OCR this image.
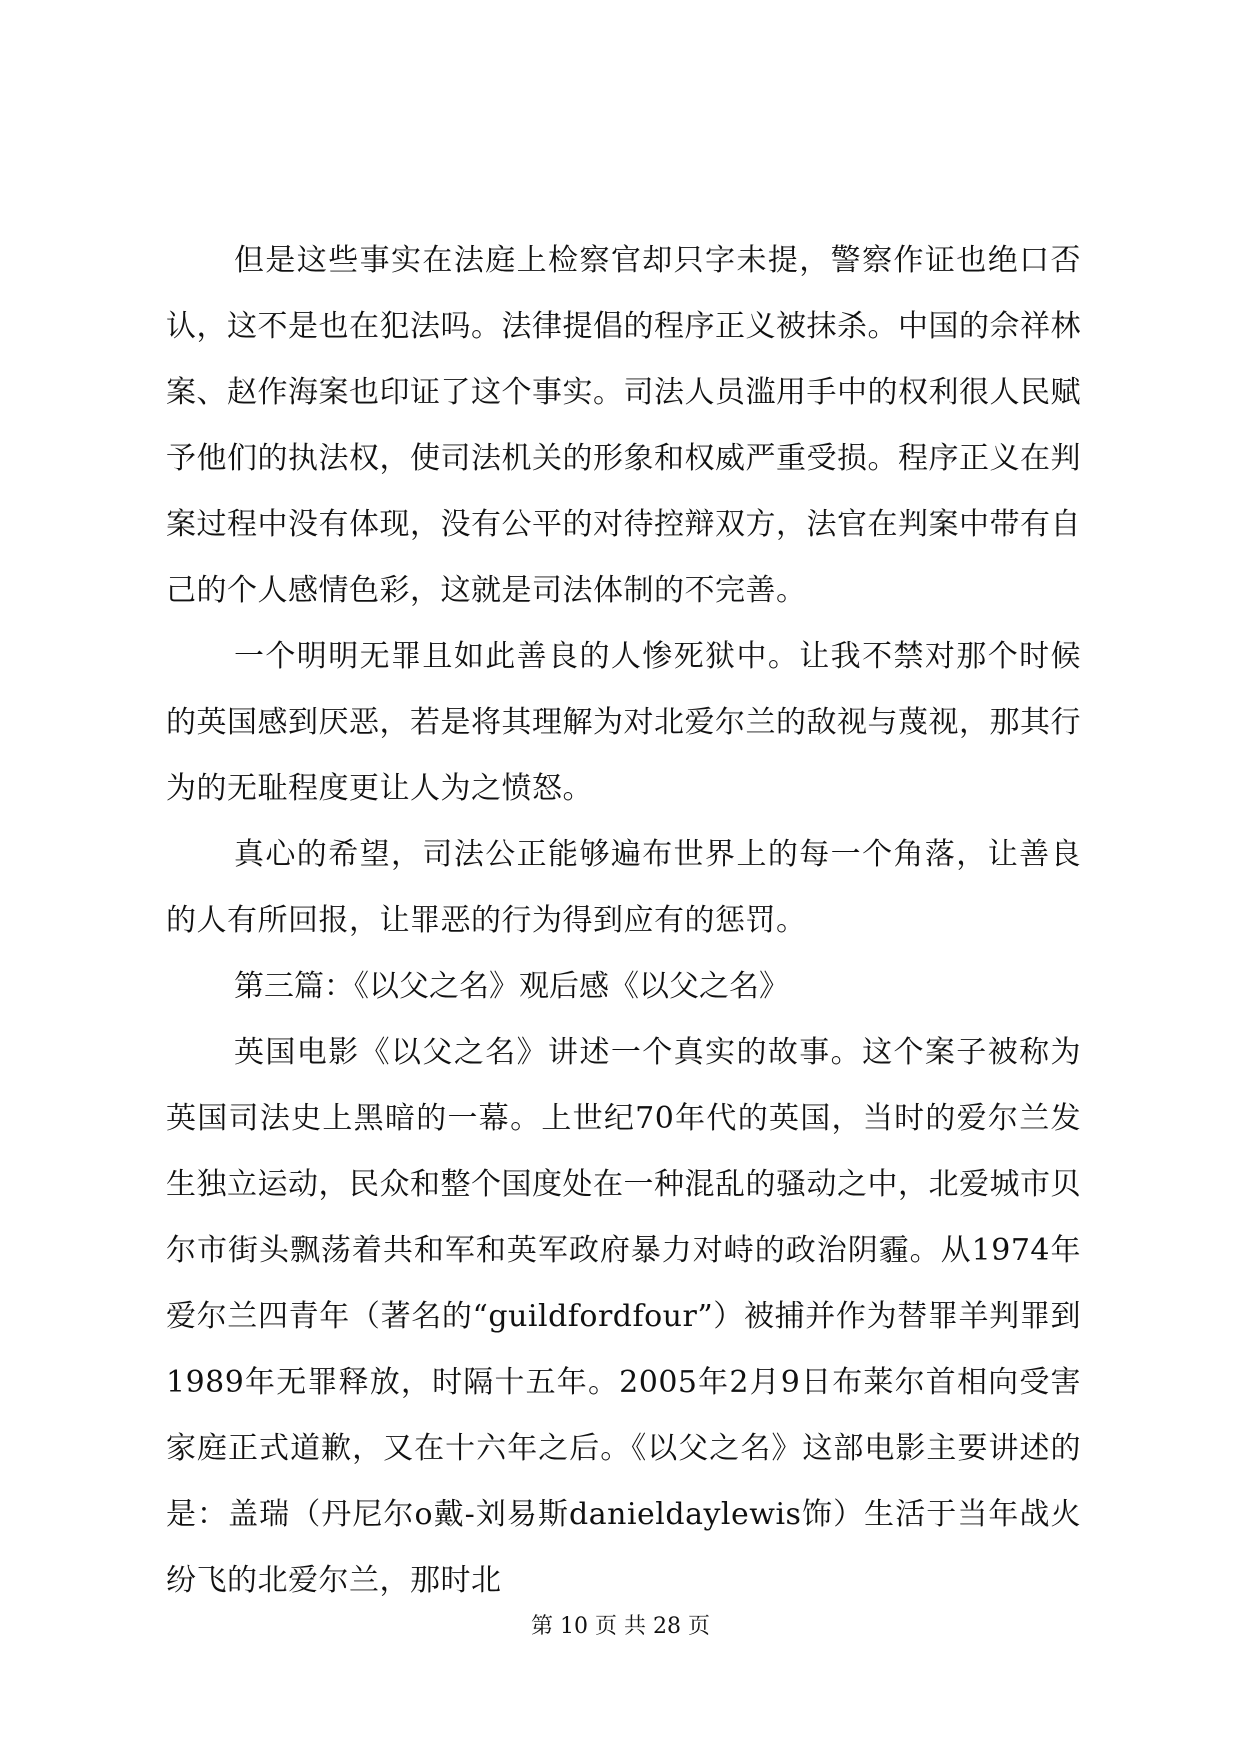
但是这些事实在法庭上检察官却只字未提，警察作证也绝口否认，这不是也在犯法吗。法律提倡的程序正义被抹杀。中国的佘祥林案、赵作海案也印证了这个事实。司法人员滥用手中的权利很人民赋予他们的执法权，使司法机关的形象和权威严重受损。程序正义在判案过程中没有体现，没有公平的对待控辩双方，法官在判案中带有自己的个人感情色彩，这就是司法体制的不完善。

一个明明无罪且如此善良的人惨死狱中。让我不禁对那个时候的英国感到厌恶，若是将其理解为对北爱尔兰的敌视与蔑视，那其行为的无耻程度更让人为之愤怒。

真心的希望，司法公正能够遍布世界上的每一个角落，让善良的人有所回报，让罪恶的行为得到应有的惩罚。

第三篇：《以父之名》观后感《以父之名》

英国电影《以父之名》讲述一个真实的故事。这个案子被称为英国司法史上黑暗的一幕。上世纪70年代的英国，当时的爱尔兰发生独立运动，民众和整个国度处在一种混乱的骚动之中，北爱城市贝尔市街头飘荡着共和军和英军政府暴力对峙的政治阴霾。从1974年爱尔兰四青年（著名的“guildfordfour”）被捕并作为替罪羊判罪到1989年无罪释放，时隔十五年。2005年2月9日布莱尔首相向受害家庭正式道歉，又在十六年之后。《以父之名》这部电影主要讲述的是：盖瑞（丹尼尔o戴-刘易斯danieldaylewis饰）生活于当年战火纷飞的北爱尔兰，那时北

第 10 页 共 28 页
